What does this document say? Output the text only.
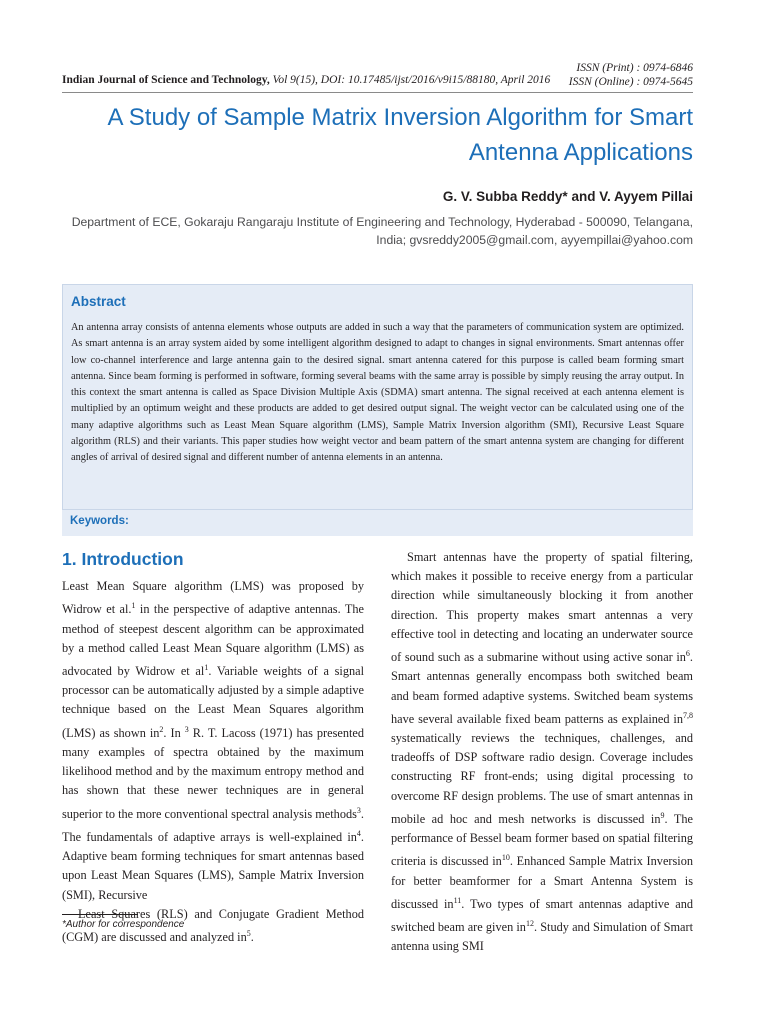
Indian Journal of Science and Technology, Vol 9(15), DOI: 10.17485/ijst/2016/v9i15/88180, April 2016
ISSN (Print) : 0974-6846
ISSN (Online) : 0974-5645
A Study of Sample Matrix Inversion Algorithm for Smart Antenna Applications
G. V. Subba Reddy* and V. Ayyem Pillai
Department of ECE, Gokaraju Rangaraju Institute of Engineering and Technology, Hyderabad - 500090, Telangana, India; gvsreddy2005@gmail.com, ayyempillai@yahoo.com
Abstract
An antenna array consists of antenna elements whose outputs are added in such a way that the parameters of communication system are optimized. As smart antenna is an array system aided by some intelligent algorithm designed to adapt to changes in signal environments. Smart antennas offer low co-channel interference and large antenna gain to the desired signal. smart antenna catered for this purpose is called beam forming smart antenna. Since beam forming is performed in software, forming several beams with the same array is possible by simply reusing the array output. In this context the smart antenna is called as Space Division Multiple Axis (SDMA) smart antenna. The signal received at each antenna element is multiplied by an optimum weight and these products are added to get desired output signal. The weight vector can be calculated using one of the many adaptive algorithms such as Least Mean Square algorithm (LMS), Sample Matrix Inversion algorithm (SMI), Recursive Least Square algorithm (RLS) and their variants. This paper studies how weight vector and beam pattern of the smart antenna system are changing for different angles of arrival of desired signal and different number of antenna elements in an antenna.
Keywords:
1. Introduction

Least Mean Square algorithm (LMS) was proposed by Widrow et al.$^1$ in the perspective of adaptive antennas. The method of steepest descent algorithm can be approximated by a method called Least Mean Square algorithm (LMS) as advocated by Widrow et $al^1$. Variable weights of a signal processor can be automatically adjusted by a simple adaptive technique based on the Least Mean Squares algorithm (LMS) as shown $in^2$. In $^3$ R. T. Lacoss (1971) has presented many examples of spectra obtained by the maximum likelihood method and by the maximum entropy method and has shown that these newer techniques are in general superior to the more conventional spectral analysis methods$^3$. The fundamentals of adaptive arrays is well-explained $in^4$. Adaptive beam forming techniques for smart antennas based upon Least Mean Squares (LMS), Sample Matrix Inversion (SMI), Recursive

Least Squares (RLS) and Conjugate Gradient Method (CGM) are discussed and analyzed $in^5$.

Smart antennas have the property of spatial filtering, which makes it possible to receive energy from a particular direction while simultaneously blocking it from another direction. This property makes smart antennas a very effective tool in detecting and locating an underwater source of sound such as a submarine without using active sonar $in^6$. Smart antennas generally encompass both switched beam and beam formed adaptive systems. Switched beam systems have several available fixed beam patterns as explained in$^{7,8}$ systematically reviews the techniques, challenges, and tradeoffs of DSP software radio design. Coverage includes constructing RF front-ends; using digital processing to overcome RF design problems. The use of smart antennas in mobile ad hoc and mesh networks is discussed $in^9$. The performance of Bessel beam former based on spatial filtering criteria is discussed $in^{10}$. Enhanced Sample Matrix Inversion for better beamformer for a Smart Antenna System is discussed $in^{11}$. Two types of smart antennas adaptive and switched beam are given $in^{12}$. Study and Simulation of Smart antenna using SMI

*Author for correspondence
